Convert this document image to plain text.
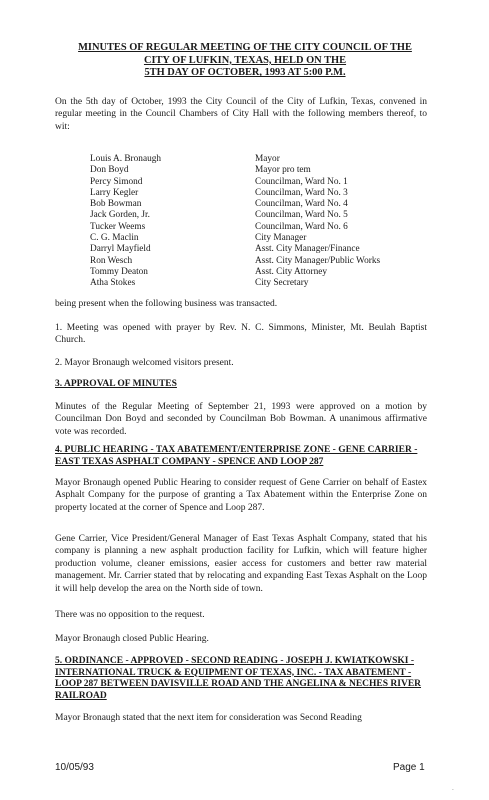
MINUTES OF REGULAR MEETING OF THE CITY COUNCIL OF THE
CITY OF LUFKIN, TEXAS, HELD ON THE
5TH DAY OF OCTOBER, 1993 AT 5:00 P.M.

On the 5th day of October, 1993 the City Council of the City of Lufkin, Texas, convened in regular meeting in the Council Chambers of City Hall with the following members thereof, to wit:

Louis A. Bronaugh	Mayor
Don Boyd	Mayor pro tem
Percy Simond	Councilman, Ward No. 1
Larry Kegler	Councilman, Ward No. 3
Bob Bowman	Councilman, Ward No. 4
Jack Gorden, Jr.	Councilman, Ward No. 5
Tucker Weems	Councilman, Ward No. 6
C. G. Maclin	City Manager
Darryl Mayfield	Asst. City Manager/Finance
Ron Wesch	Asst. City Manager/Public Works
Tommy Deaton	Asst. City Attorney
Atha Stokes	City Secretary

being present when the following business was transacted.

1. Meeting was opened with prayer by Rev. N. C. Simmons, Minister, Mt. Beulah Baptist Church.

2. Mayor Bronaugh welcomed visitors present.

3. APPROVAL OF MINUTES

Minutes of the Regular Meeting of September 21, 1993 were approved on a motion by Councilman Don Boyd and seconded by Councilman Bob Bowman. A unanimous affirmative vote was recorded.

4. PUBLIC HEARING - TAX ABATEMENT/ENTERPRISE ZONE - GENE CARRIER - EAST TEXAS ASPHALT COMPANY - SPENCE AND LOOP 287

Mayor Bronaugh opened Public Hearing to consider request of Gene Carrier on behalf of Eastex Asphalt Company for the purpose of granting a Tax Abatement within the Enterprise Zone on property located at the corner of Spence and Loop 287.

Gene Carrier, Vice President/General Manager of East Texas Asphalt Company, stated that his company is planning a new asphalt production facility for Lufkin, which will feature higher production volume, cleaner emissions, easier access for customers and better raw material management. Mr. Carrier stated that by relocating and expanding East Texas Asphalt on the Loop it will help develop the area on the North side of town.

There was no opposition to the request.

Mayor Bronaugh closed Public Hearing.

5. ORDINANCE - APPROVED - SECOND READING - JOSEPH J. KWIATKOWSKI - INTERNATIONAL TRUCK & EQUIPMENT OF TEXAS, INC. - TAX ABATEMENT - LOOP 287 BETWEEN DAVISVILLE ROAD AND THE ANGELINA & NECHES RIVER RAILROAD

Mayor Bronaugh stated that the next item for consideration was Second Reading

10/05/93	Page 1
-
